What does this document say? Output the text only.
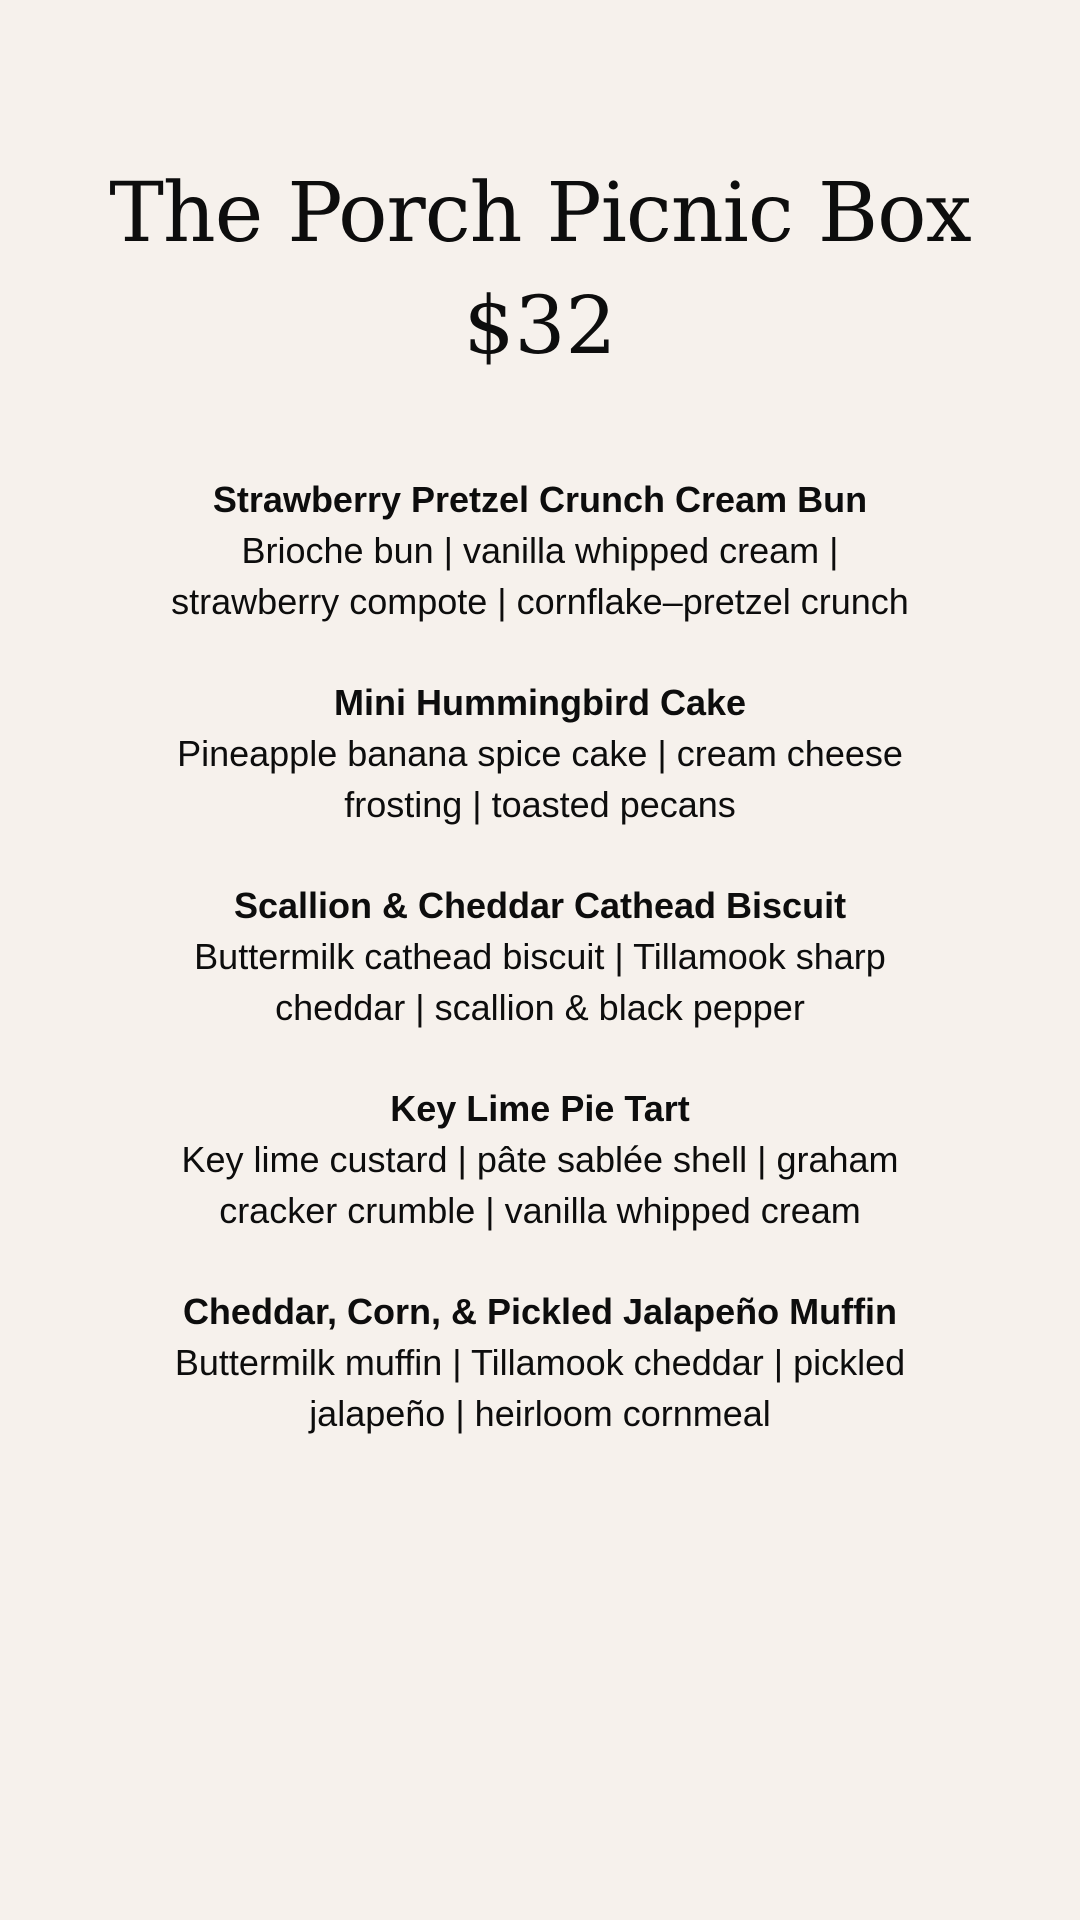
The Porch Picnic Box
$32

Strawberry Pretzel Crunch Cream Bun

Brioche bun | vanilla whipped cream |

strawberry compote | cornflake–pretzel crunch

Mini Hummingbird Cake

Pineapple banana spice cake | cream cheese

frosting | toasted pecans

Scallion & Cheddar Cathead Biscuit

Buttermilk cathead biscuit | Tillamook sharp

cheddar | scallion & black pepper

Key Lime Pie Tart

Key lime custard | pâte sablée shell | graham

cracker crumble | vanilla whipped cream

Cheddar, Corn, & Pickled Jalapeño Muffin

Buttermilk muffin | Tillamook cheddar | pickled

jalapeño | heirloom cornmeal
